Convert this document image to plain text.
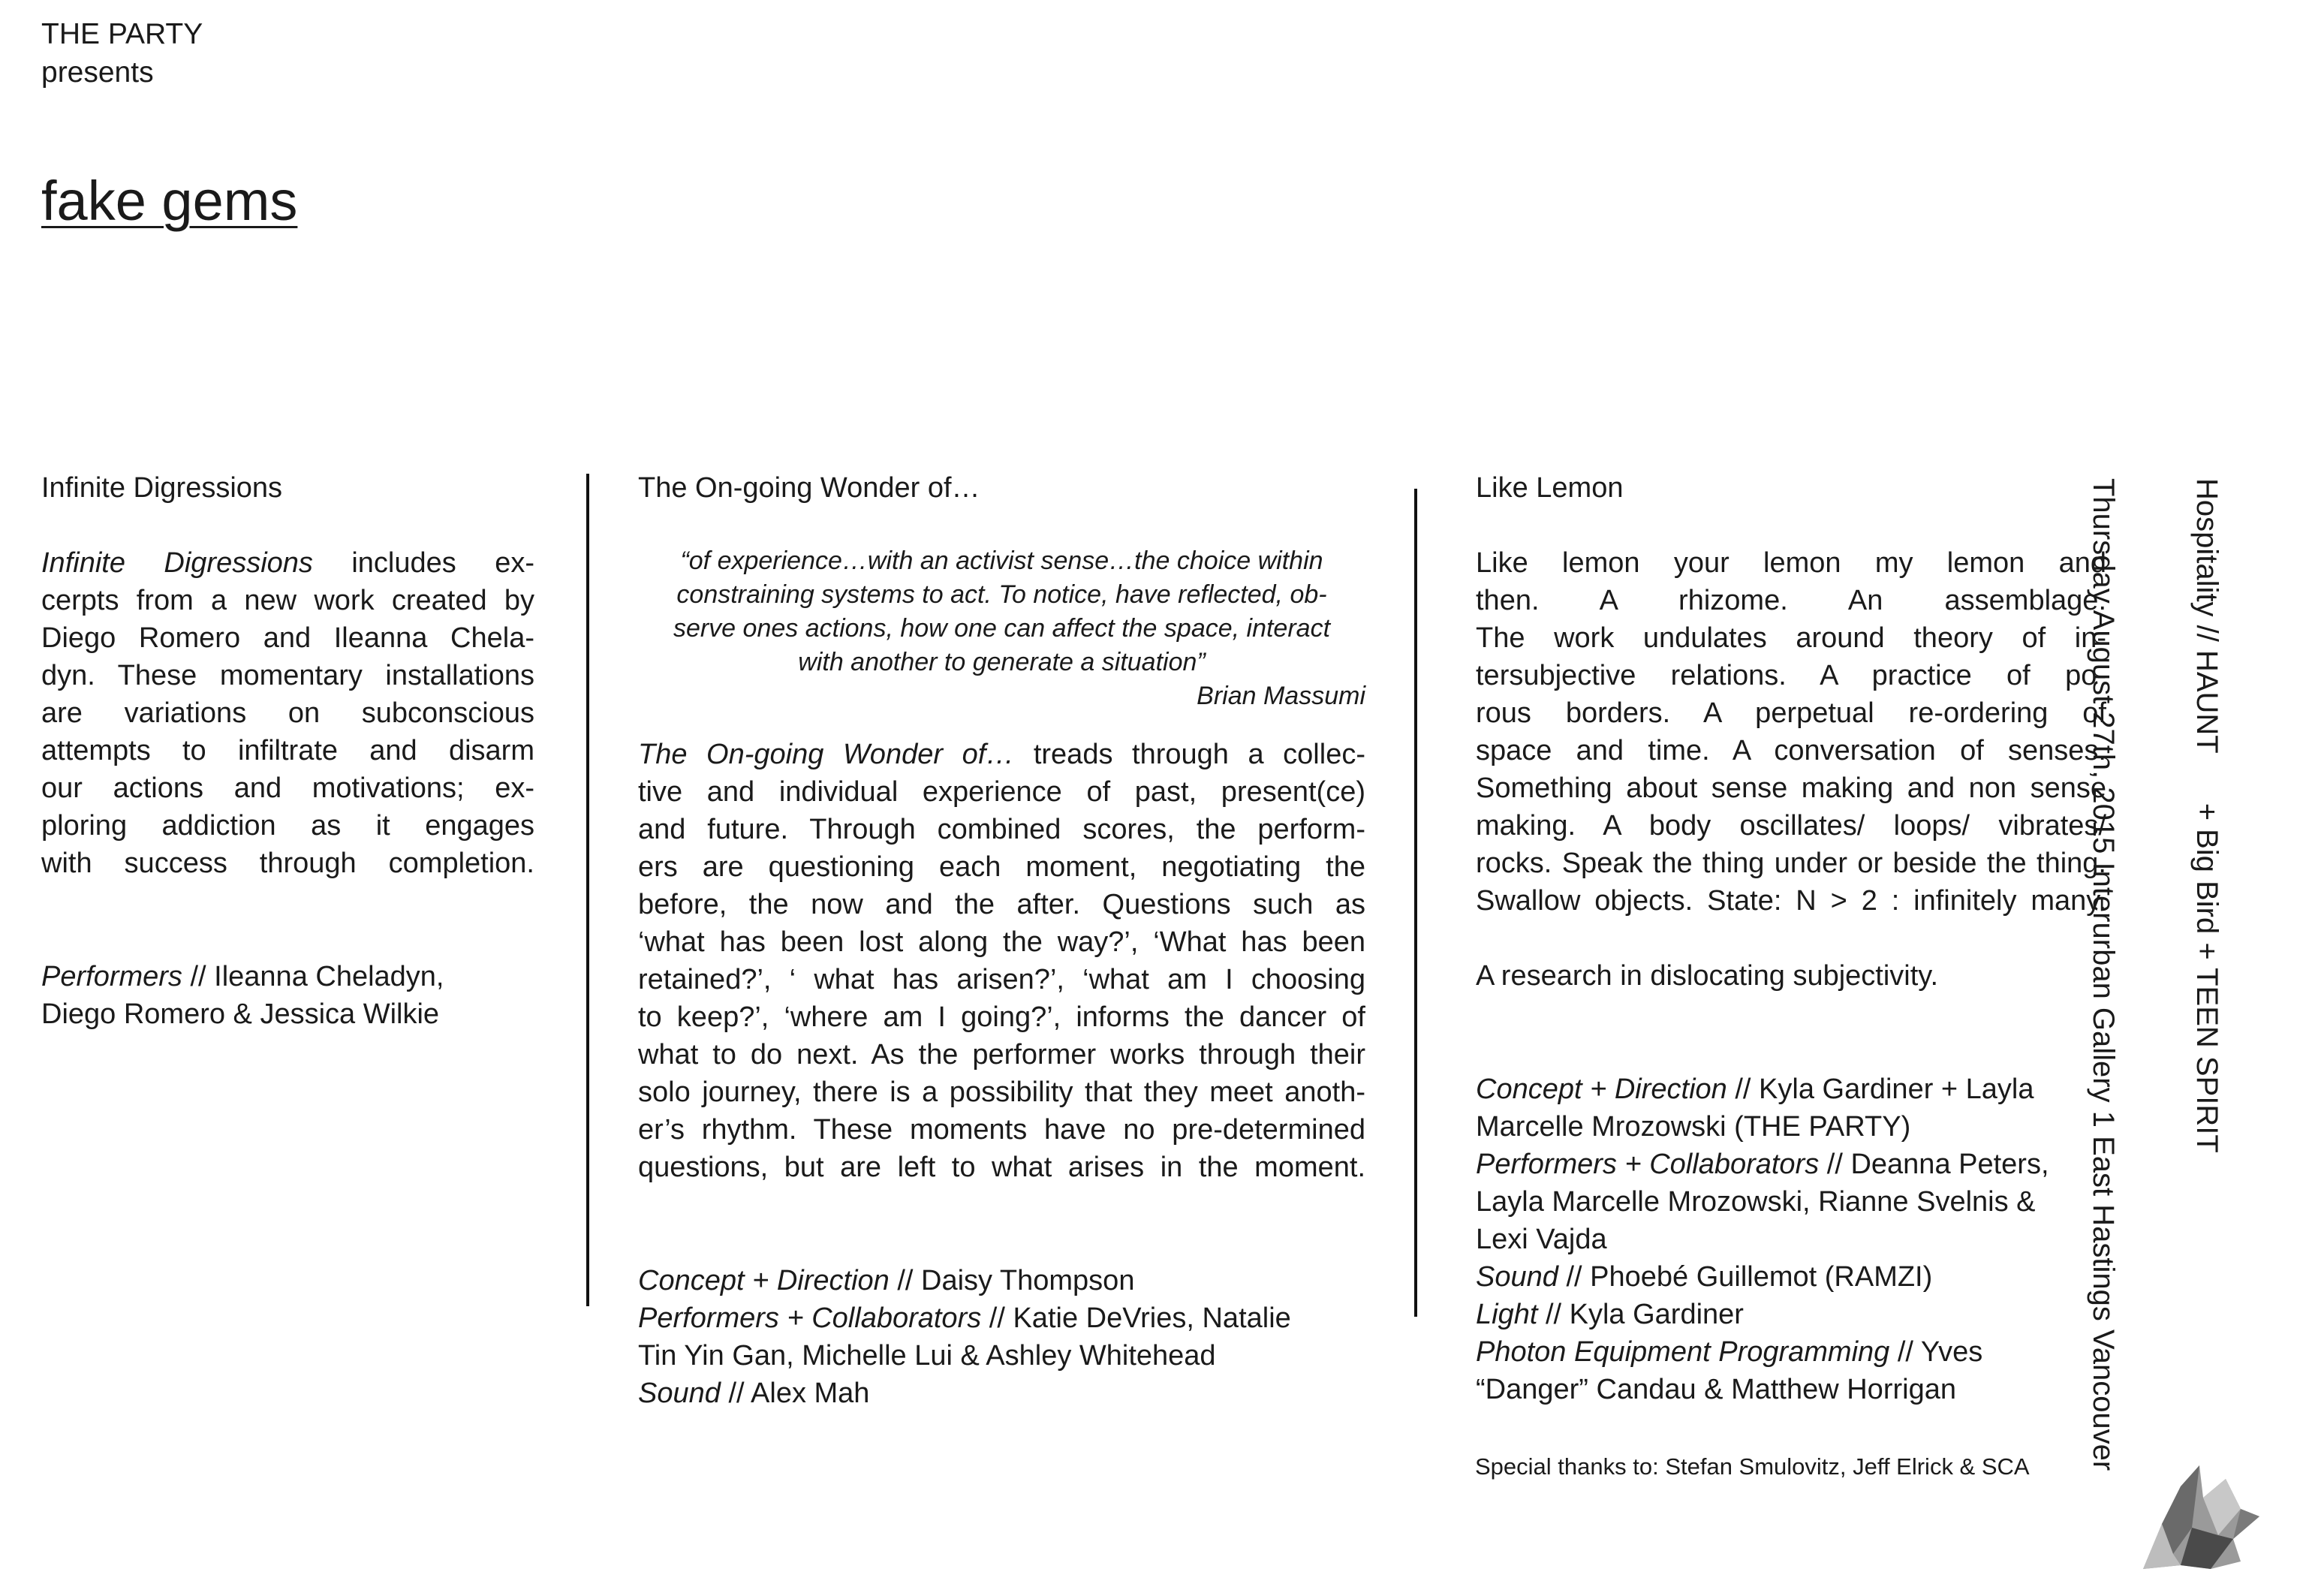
THE PARTY
presents
fake gems
Infinite Digressions
Infinite Digressions includes ex-
cerpts from a new work created by
Diego Romero and Ileanna Chela-
dyn. These momentary installations
are variations on subconscious
attempts to infiltrate and disarm
our actions and motivations; ex-
ploring addiction as it engages
with success through completion.
Performers // Ileanna Cheladyn,
Diego Romero & Jessica Wilkie
The On-going Wonder of…
“of experience…with an activist sense…the choice within
constraining systems to act. To notice, have reflected, ob-
serve ones actions, how one can affect the space, interact
with another to generate a situation”
Brian Massumi
The On-going Wonder of… treads through a collec-
tive and individual experience of past, present(ce)
and future. Through combined scores, the perform-
ers are questioning each moment, negotiating the
before, the now and the after. Questions such as
‘what has been lost along the way?’, ‘What has been
retained?’, ‘ what has arisen?’, ‘what am I choosing
to keep?’, ‘where am I going?’, informs the dancer of
what to do next. As the performer works through their
solo journey, there is a possibility that they meet anoth-
er’s rhythm. These moments have no pre-determined
questions, but are left to what arises in the moment.
Concept + Direction // Daisy Thompson
Performers + Collaborators // Katie DeVries, Natalie
Tin Yin Gan, Michelle Lui & Ashley Whitehead
Sound // Alex Mah
Like Lemon
Like lemon your lemon my lemon and
then. A rhizome. An assemblage.
The work undulates around theory of in-
tersubjective relations. A practice of po-
rous borders. A perpetual re-ordering of
space and time. A conversation of senses.
Something about sense making and non sense
making. A body oscillates/ loops/ vibrates/
rocks. Speak the thing under or beside the thing.
Swallow objects. State: N > 2 : infinitely many.
A research in dislocating subjectivity.
Concept + Direction // Kyla Gardiner + Layla
Marcelle Mrozowski (THE PARTY)
Performers + Collaborators // Deanna Peters,
Layla Marcelle Mrozowski, Rianne Svelnis &
Lexi Vajda
Sound // Phoebé Guillemot (RAMZI)
Light // Kyla Gardiner
Photon Equipment Programming // Yves
“Danger” Candau & Matthew Horrigan
Special thanks to: Stefan Smulovitz, Jeff Elrick & SCA

Hospitality // HAUNT      + Big Bird + TEEN SPIRIT

Thursday August 27th, 2015 Interurban Gallery 1 East Hastings Vancouver
